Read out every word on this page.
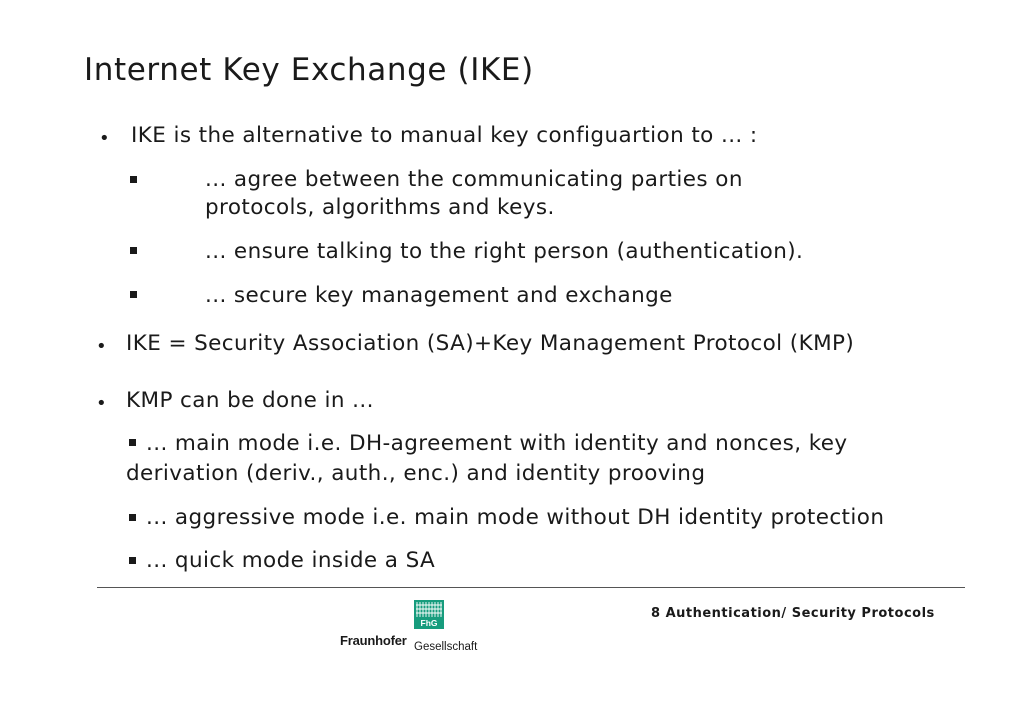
Internet Key Exchange (IKE)
• IKE is the alternative to manual key configuartion to ... :
... agree between the communicating parties on
protocols, algorithms and keys.
... ensure talking to the right person (authentication).
... secure key management and exchange
• IKE = Security Association (SA)+Key Management Protocol (KMP)
• KMP can be done in ...
... main mode i.e. DH-agreement with identity and nonces, key
derivation (deriv., auth., enc.) and identity prooving
... aggressive mode i.e. main mode without DH identity protection
... quick mode inside a SA
8 Authentication/ Security Protocols
FhG
Fraunhofer Gesellschaft
